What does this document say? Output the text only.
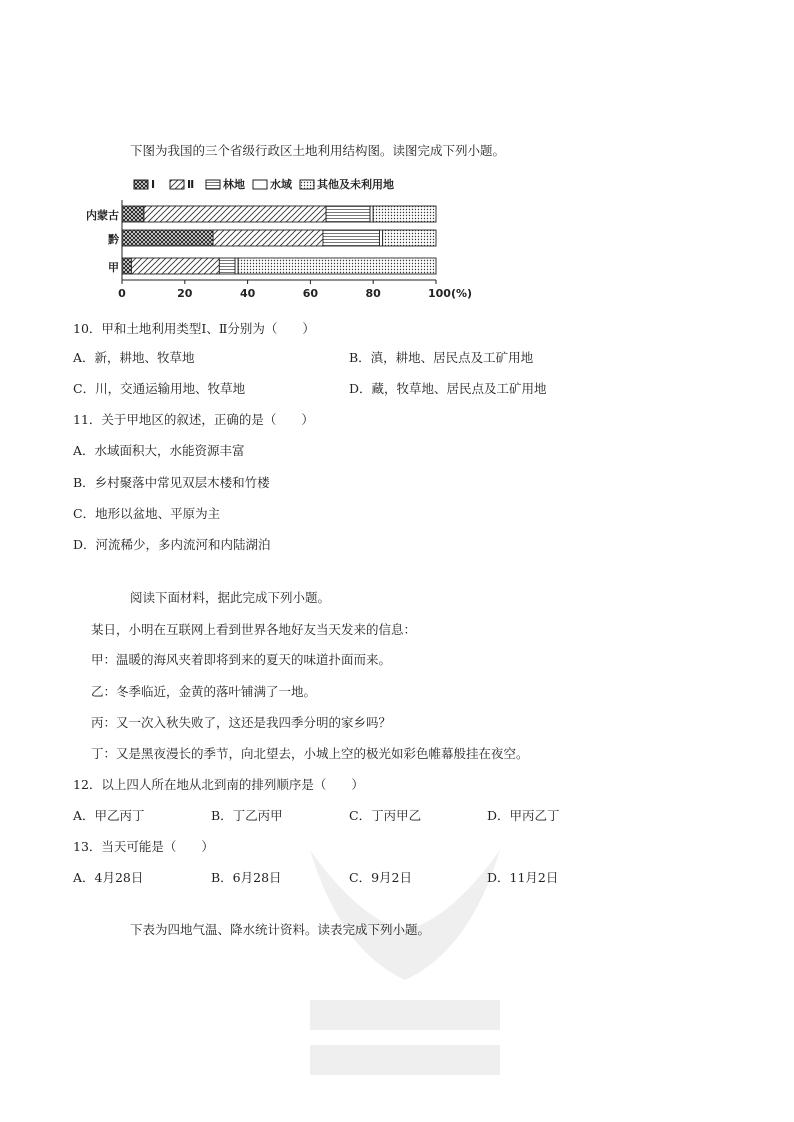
下图为我国的三个省级行政区土地利用结构图。读图完成下列小题。
Ⅰ	Ⅱ	林地 水域 其他及未利用地
内蒙古
黔
甲
0	20	40	60	80	100(%)
10．甲和土地利用类型Ⅰ、Ⅱ分别为（　　）
A．新，耕地、牧草地	B．滇，耕地、居民点及工矿用地
C．川，交通运输用地、牧草地	D．藏，牧草地、居民点及工矿用地
11．关于甲地区的叙述，正确的是（　　）
A．水域面积大，水能资源丰富
B．乡村聚落中常见双层木楼和竹楼
C．地形以盆地、平原为主
D．河流稀少，多内流河和内陆湖泊
阅读下面材料，据此完成下列小题。
某日，小明在互联网上看到世界各地好友当天发来的信息：
甲：温暖的海风夹着即将到来的夏天的味道扑面而来。
乙：冬季临近，金黄的落叶铺满了一地。
丙：又一次入秋失败了，这还是我四季分明的家乡吗？
丁：又是黑夜漫长的季节，向北望去，小城上空的极光如彩色帷幕般挂在夜空。
12．以上四人所在地从北到南的排列顺序是（　　）
A．甲乙丙丁	B．丁乙丙甲	C．丁丙甲乙	D．甲丙乙丁
13．当天可能是（　　）
A．4月28日	B．6月28日	C．9月2日	D．11月2日
下表为四地气温、降水统计资料。读表完成下列小题。
